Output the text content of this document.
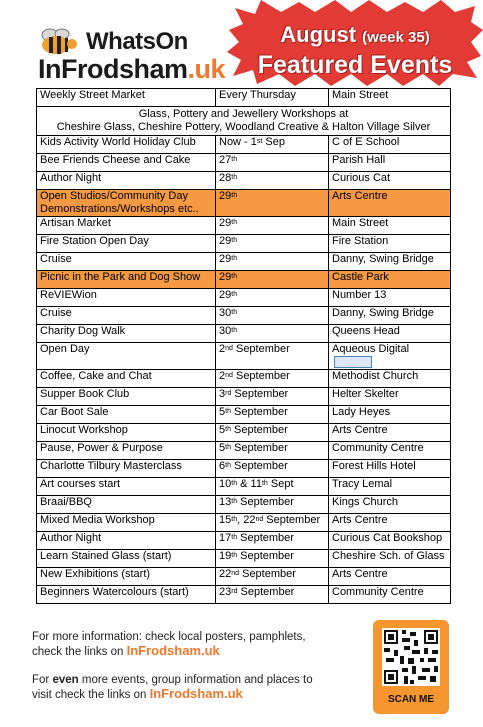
WhatsOn
InFrodsham.uk
August (week 35)
Featured Events
Weekly Street Market	Every Thursday	Main Street
Glass, Pottery and Jewellery Workshops at
Cheshire Glass, Cheshire Pottery, Woodland Creative & Halton Village Silver		
Kids Activity World Holiday Club	Now - 1st Sep	C of E School
Bee Friends Cheese and Cake	27th	Parish Hall
Author Night	28th	Curious Cat
Open Studios/Community Day
Demonstrations/Workshops etc..	29th	Arts Centre
Artisan Market	29th	Main Street
Fire Station Open Day	29th	Fire Station
Cruise	29th	Danny, Swing Bridge
Picnic in the Park and Dog Show	29th	Castle Park
ReVIEWion	29th	Number 13
Cruise	30th	Danny, Swing Bridge
Charity Dog Walk	30th	Queens Head
Open Day	2nd September	Aqueous Digital
Coffee, Cake and Chat	2nd September	Methodist Church
Supper Book Club	3rd September	Helter Skelter
Car Boot Sale	5th September	Lady Heyes
Linocut Workshop	5th September	Arts Centre
Pause, Power & Purpose	5th September	Community Centre
Charlotte Tilbury Masterclass	6th September	Forest Hills Hotel
Art courses start	10th & 11th Sept	Tracy Lemal
Braai/BBQ	13th September	Kings Church
Mixed Media Workshop	15th, 22nd September	Arts Centre
Author Night	17th September	Curious Cat Bookshop
Learn Stained Glass (start)	19th September	Cheshire Sch. of Glass
New Exhibitions (start)	22nd September	Arts Centre
Beginners Watercolours (start)	23rd September	Community Centre

For more information: check local posters, pamphlets,
check the links on InFrodsham.uk

For even more events, group information and places to
visit check the links on InFrodsham.uk	SCAN ME
